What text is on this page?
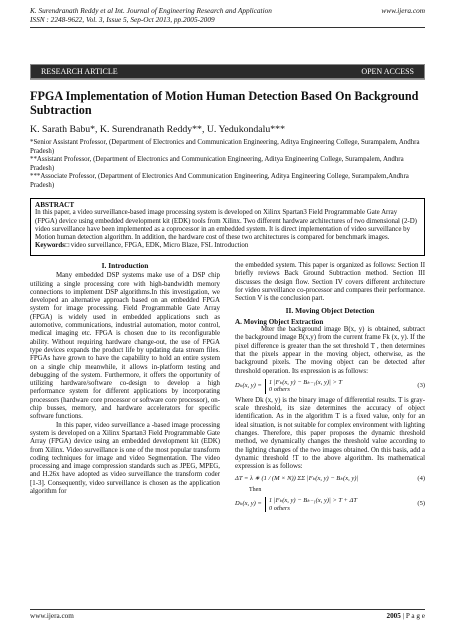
K. Surendranath Reddy et al Int. Journal of Engineering Research and Application	www.ijera.com
ISSN : 2248-9622, Vol. 3, Issue 5, Sep-Oct 2013, pp.2005-2009
RESEARCH ARTICLE	OPEN ACCESS
FPGA Implementation of Motion Human Detection Based On Background Subtraction
K. Sarath Babu*, K. Surendranath Reddy**, U. Yedukondalu***
*Senior Assistant Professor, (Department of Electronics and Communication Engineering, Aditya Engineering College, Surampalem, Andhra Pradesh)
**Assistant Professor, (Department of Electronics and Communication Engineering, Aditya Engineering College, Surampalem, Andhra Pradesh)
***Associate Professor, (Department of Electronics And Communication Engineering, Aditya Engineering College, Surampalem,Andhra Pradesh)
ABSTRACT
In this paper, a video surveillance-based image processing system is developed on Xilinx Spartan3 Field Programmable Gate Array (FPGA) device using embedded development kit (EDK) tools from Xilinx. Two different hardware architectures of two dimensional (2-D) video surveillance have been implemented as a coprocessor in an embedded system. It is direct implementation of video surveillance by Motion human detection algorithm. In addition, the hardware cost of these two architectures is compared for benchmark images.
Keywords□ video surveillance, FPGA, EDK, Micro Blaze, FSL Introduction
I. Introduction
Many embedded DSP systems make use of a DSP chip utilizing a single processing core with high-bandwidth memory connections to implement DSP algorithms.In this investigation, we developed an alternative approach based on an embedded FPGA system for image processing. Field Programmable Gate Array (FPGA) is widely used in embedded applications such as automotive, communications, industrial automation, motor control, medical imaging etc. FPGA is chosen due to its reconfigurable ability. Without requiring hardware change-out, the use of FPGA type devices expands the product life by updating data stream files. FPGAs have grown to have the capability to hold an entire system on a single chip meanwhile, it allows in-platform testing and debugging of the system. Furthermore, it offers the opportunity of utilizing hardware/software co-design to develop a high performance system for different applications by incorporating processors (hardware core processor or software core processor), on-chip busses, memory, and hardware accelerators for specific software functions.
In this paper, video surveillance a -based image processing system is developed on a Xilinx Spartan3 Field Programmable Gate Array (FPGA) device using an embedded development kit (EDK) from Xilinx. Video surveillance is one of the most popular transform coding techniques for image and video Segmentation. The video processing and image compression standards such as JPEG, MPEG, and H.26x have adopted as video surveillance the transform coder [1-3]. Consequently, video surveillance is chosen as the application algorithm for
the embedded system. This paper is organized as follows: Section II briefly reviews Back Ground Subtraction method. Section III discusses the design flow. Section IV covers different architecture for video surveillance co-processor and compares their performance. Section V is the conclusion part.
II. Moving Object Detection
A. Moving Object Extraction
Mter the background image B(x, y) is obtained, subtract the background image B(x,y) from the current frame Fk (x, y). If the pixel difference is greater than the set threshold T , then determines that the pixels appear in the moving object, otherwise, as the background pixels. The moving object can be detected after threshold operation. Its expression is as follows:
Dₖ(x, y) = 1 |Fₖ(x, y) − Bₖ₋₁(x, y)| > T
0 others
(3)
Where Dk (x, y) is the binary image of differential results. T is gray-scale threshold, its size determines the accuracy of object identification. As in the algorithm T is a fixed value, only for an ideal situation, is not suitable for complex environment with lighting changes. Therefore, this paper proposes the dynamic threshold method, we dynamically changes the threshold value according to the lighting changes of the two images obtained. On this basis, add a dynamic threshold !T to the above algorithm. Its mathematical expression is as follows:
ΔT = λ ∗ (1 / (M × N)) ΣΣ |Fₖ(x, y) − Bₖ(x, y)|	(4)
Then
Dₖ(x, y) = 1 |Fₖ(x, y) − Bₖ₋₁(x, y)| > T + ΔT
0 others
(5)
www.ijera.com	2005 | P a g e
